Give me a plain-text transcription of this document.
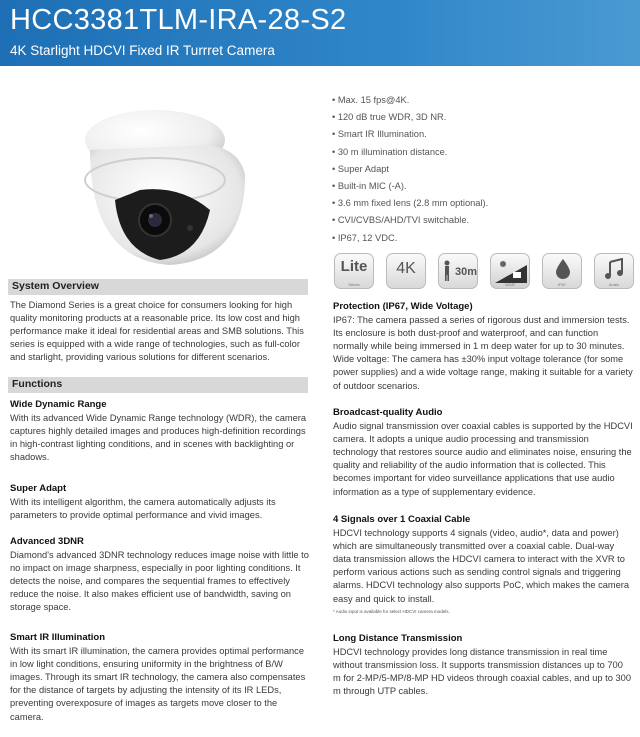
HCC3381TLM-IRA-28-S2
4K Starlight HDCVI Fixed IR Turrret Camera
• Max. 15 fps@4K.
• 120 dB true WDR, 3D NR.
• Smart IR Illumination.
• 30 m illumination distance.
• Super Adapt
• Built-in MIC (-A).
• 3.6 mm fixed lens (2.8 mm optional).
• CVI/CVBS/AHD/TVI switchable.
• IP67, 12 VDC.
Lite
Series
4K	30m
WDR	IP67	Audio
System Overview

The Diamond Series is a great choice for consumers looking for high quality monitoring products at a reasonable price. Its low cost and high performance make it ideal for residential areas and SMB solutions. This series is equipped with a wide range of technologies, such as full-color and starlight, providing various solutions for different scenarios.

Functions
Wide Dynamic Range

With its advanced Wide Dynamic Range technology (WDR), the camera captures highly detailed images and produces high-definition recordings in high-contrast lighting conditions, and in scenes with backlighting or shadows.

Super Adapt

With its intelligent algorithm, the camera automatically adjusts its parameters to provide optimal performance and vivid images.

Advanced 3DNR

Diamond's advanced 3DNR technology reduces image noise with little to no impact on image sharpness, especially in poor lighting conditions. It detects the noise, and compares the sequential frames to effectively reduce the noise. It also makes efficient use of bandwidth, saving on storage space.

Smart IR Illumination

With its smart IR illumination, the camera provides optimal performance in low light conditions, ensuring uniformity in the brightness of B/W images. Through its smart IR technology, the camera also compensates for the distance of targets by adjusting the intensity of its IR LEDs, preventing overexposure of images as targets move closer to the camera.

Protection (IP67, Wide Voltage)

IP67: The camera passed a series of rigorous dust and immersion tests. Its enclosure is both dust-proof and waterproof, and can function normally while being immersed in 1 m deep water for up to 30 minutes. Wide voltage: The camera has ±30% input voltage tolerance (for some power supplies) and a wide voltage range, making it suitable for a variety of outdoor scenarios.

Broadcast-quality Audio

Audio signal transmission over coaxial cables is supported by the HDCVI camera. It adopts a unique audio processing and transmission technology that restores source audio and eliminates noise, ensuring the quality and reliability of the audio information that is collected. This becomes important for video surveillance applications that use audio information as a type of supplementary evidence.

4 Signals over 1 Coaxial Cable

HDCVI technology supports 4 signals (video, audio*, data and power) which are simultaneously transmitted over a coaxial cable. Dual-way data transmission allows the HDCVI camera to interact with the XVR to perform various actions such as sending control signals and triggering alarms. HDCVI technology also supports PoC, which makes the camera easy and quick to install.

* Audio input is available for select HDCVI camera models.
Long Distance Transmission

HDCVI technology provides long distance transmission in real time without transmission loss. It supports transmission distances up to 700 m for 2-MP/5-MP/8-MP HD videos through coaxial cables, and up to 300 m through UTP cables.
